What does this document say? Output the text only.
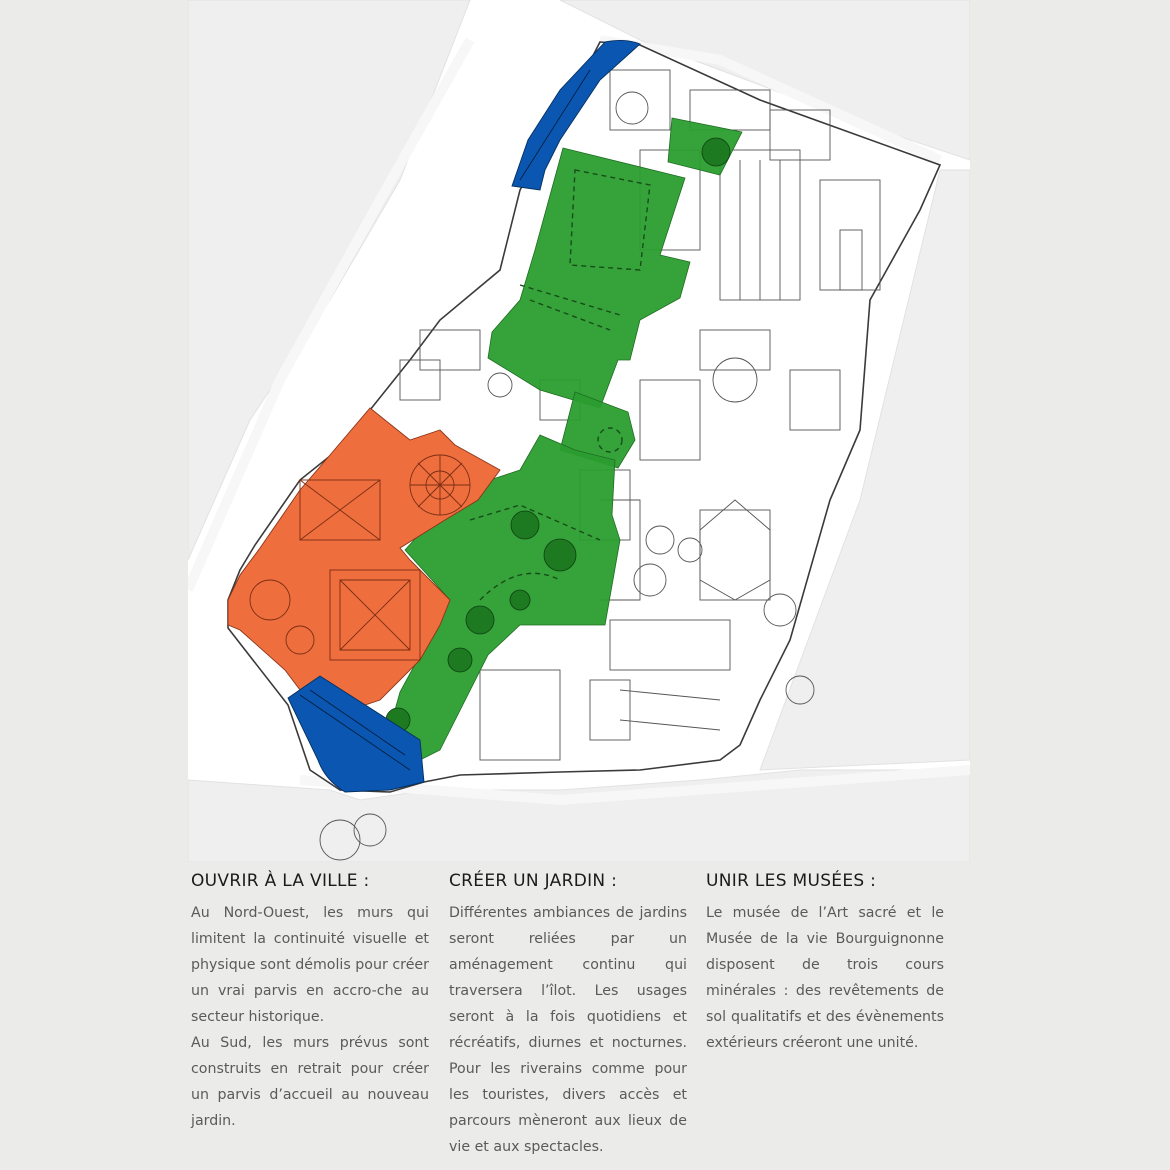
OUVRIR À LA VILLE :

Au Nord-Ouest, les murs qui limitent la continuité visuelle et physique sont démolis pour créer un vrai parvis en accro-che au secteur historique.

Au Sud, les murs prévus sont construits en retrait pour créer un parvis d’accueil au nouveau jardin.

CRÉER UN JARDIN :

Différentes ambiances de jardins seront reliées par un aménagement continu qui traversera l’îlot. Les usages seront à la fois quotidiens et récréatifs, diurnes et nocturnes. Pour les riverains comme pour les touristes, divers accès et parcours mèneront aux lieux de vie et aux spectacles.

UNIR LES MUSÉES :

Le musée de l’Art sacré et le Musée de la vie Bourguignonne disposent de trois cours minérales : des revêtements de sol qualitatifs et des évènements extérieurs créeront une unité.
